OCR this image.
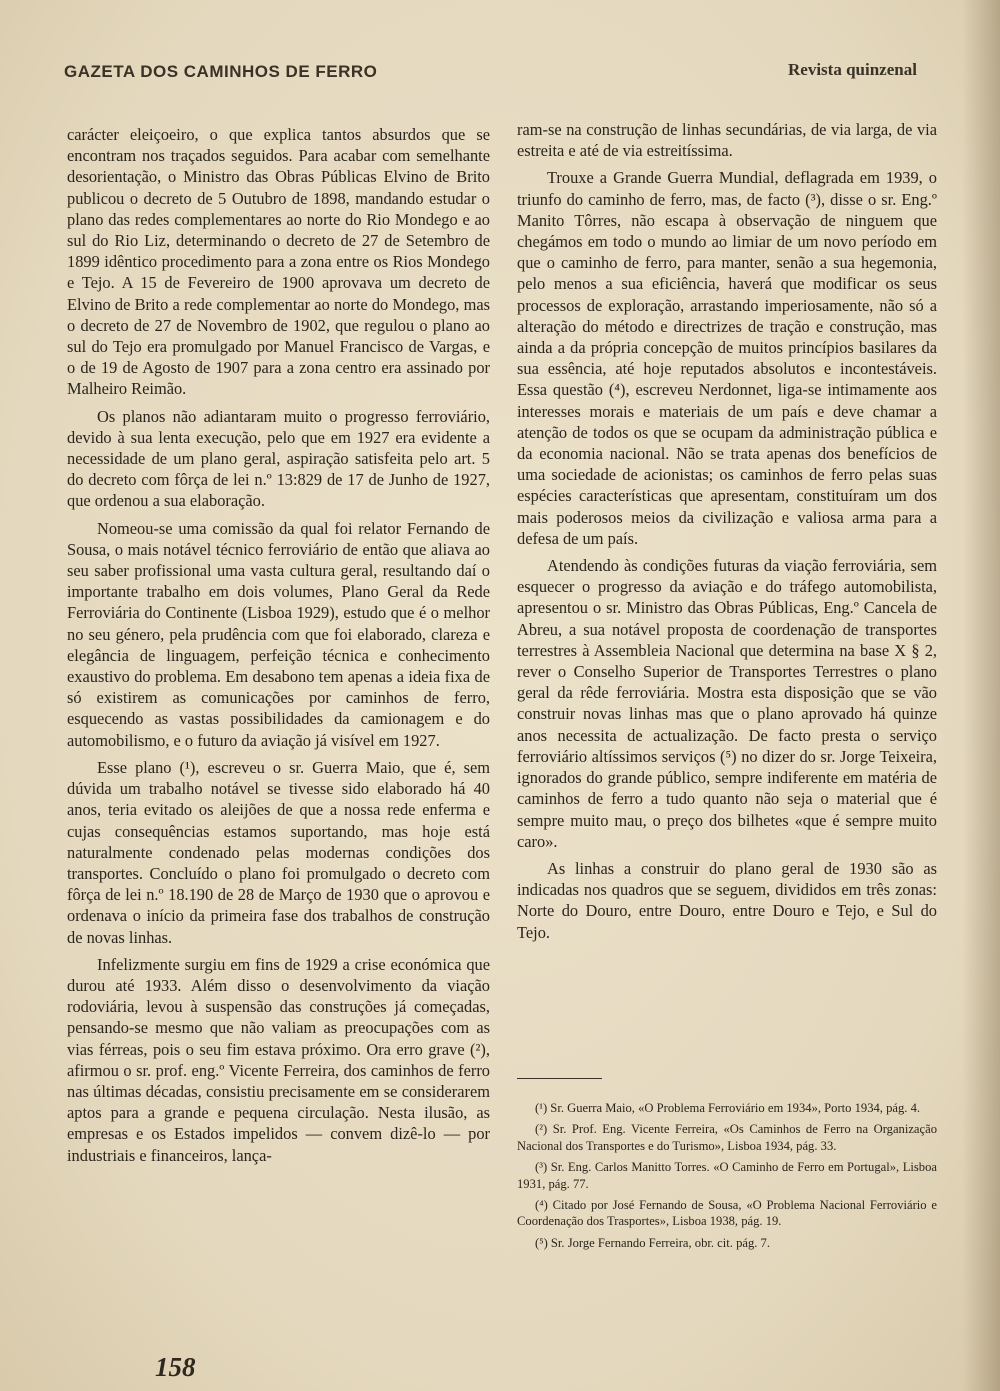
GAZETA DOS CAMINHOS DE FERRO	Revista quinzenal

carácter eleiçoeiro, o que explica tantos absurdos que se encontram nos traçados seguidos. Para acabar com semelhante desorientação, o Ministro das Obras Públicas Elvino de Brito publicou o decreto de 5 Outubro de 1898, mandando estudar o plano das redes complementares ao norte do Rio Mondego e ao sul do Rio Liz, determinando o decreto de 27 de Setembro de 1899 idêntico procedimento para a zona entre os Rios Mondego e Tejo. A 15 de Fevereiro de 1900 aprovava um decreto de Elvino de Brito a rede complementar ao norte do Mondego, mas o decreto de 27 de Novembro de 1902, que regulou o plano ao sul do Tejo era promulgado por Manuel Francisco de Vargas, e o de 19 de Agosto de 1907 para a zona centro era assinado por Malheiro Reimão.

Os planos não adiantaram muito o progresso ferroviário, devido à sua lenta execução, pelo que em 1927 era evidente a necessidade de um plano geral, aspiração satisfeita pelo art. 5 do decreto com fôrça de lei n.º 13:829 de 17 de Junho de 1927, que ordenou a sua elaboração.

Nomeou-se uma comissão da qual foi relator Fernando de Sousa, o mais notável técnico ferroviário de então que aliava ao seu saber profissional uma vasta cultura geral, resultando daí o importante trabalho em dois volumes, Plano Geral da Rede Ferroviária do Continente (Lisboa 1929), estudo que é o melhor no seu género, pela prudência com que foi elaborado, clareza e elegância de linguagem, perfeição técnica e conhecimento exaustivo do problema. Em desabono tem apenas a ideia fixa de só existirem as comunicações por caminhos de ferro, esquecendo as vastas possibilidades da camionagem e do automobilismo, e o futuro da aviação já visível em 1927.

Esse plano (¹), escreveu o sr. Guerra Maio, que é, sem dúvida um trabalho notável se tivesse sido elaborado há 40 anos, teria evitado os aleijões de que a nossa rede enferma e cujas consequências estamos suportando, mas hoje está naturalmente condenado pelas modernas condições dos transportes. Concluído o plano foi promulgado o decreto com fôrça de lei n.º 18.190 de 28 de Março de 1930 que o aprovou e ordenava o início da primeira fase dos trabalhos de construção de novas linhas.

Infelizmente surgiu em fins de 1929 a crise económica que durou até 1933. Além disso o desenvolvimento da viação rodoviária, levou à suspensão das construções já começadas, pensando-se mesmo que não valiam as preocupações com as vias férreas, pois o seu fim estava próximo. Ora erro grave (²), afirmou o sr. prof. eng.º Vicente Ferreira, dos caminhos de ferro nas últimas décadas, consistiu precisamente em se considerarem aptos para a grande e pequena circulação. Nesta ilusão, as empresas e os Estados impelidos — convem dizê-lo — por industriais e financeiros, lança-

ram-se na construção de linhas secundárias, de via larga, de via estreita e até de via estreitíssima.

Trouxe a Grande Guerra Mundial, deflagrada em 1939, o triunfo do caminho de ferro, mas, de facto (³), disse o sr. Eng.º Manito Tôrres, não escapa à observação de ninguem que chegámos em todo o mundo ao limiar de um novo período em que o caminho de ferro, para manter, senão a sua hegemonia, pelo menos a sua eficiência, haverá que modificar os seus processos de exploração, arrastando imperiosamente, não só a alteração do método e directrizes de tração e construção, mas ainda a da própria concepção de muitos princípios basilares da sua essência, até hoje reputados absolutos e incontestáveis. Essa questão (⁴), escreveu Nerdonnet, liga-se intimamente aos interesses morais e materiais de um país e deve chamar a atenção de todos os que se ocupam da administração pública e da economia nacional. Não se trata apenas dos benefícios de uma sociedade de acionistas; os caminhos de ferro pelas suas espécies características que apresentam, constituíram um dos mais poderosos meios da civilização e valiosa arma para a defesa de um país.

Atendendo às condições futuras da viação ferroviária, sem esquecer o progresso da aviação e do tráfego automobilista, apresentou o sr. Ministro das Obras Públicas, Eng.º Cancela de Abreu, a sua notável proposta de coordenação de transportes terrestres à Assembleia Nacional que determina na base X § 2, rever o Conselho Superior de Transportes Terrestres o plano geral da rêde ferroviária. Mostra esta disposição que se vão construir novas linhas mas que o plano aprovado há quinze anos necessita de actualização. De facto presta o serviço ferroviário altíssimos serviços (⁵) no dizer do sr. Jorge Teixeira, ignorados do grande público, sempre indiferente em matéria de caminhos de ferro a tudo quanto não seja o material que é sempre muito mau, o preço dos bilhetes «que é sempre muito caro».

As linhas a construir do plano geral de 1930 são as indicadas nos quadros que se seguem, divididos em três zonas: Norte do Douro, entre Douro, entre Douro e Tejo, e Sul do Tejo.

(¹) Sr. Guerra Maio, «O Problema Ferroviário em 1934», Porto 1934, pág. 4.

(²) Sr. Prof. Eng. Vicente Ferreira, «Os Caminhos de Ferro na Organização Nacional dos Transportes e do Turismo», Lisboa 1934, pág. 33.

(³) Sr. Eng. Carlos Manitto Torres. «O Caminho de Ferro em Portugal», Lisboa 1931, pág. 77.

(⁴) Citado por José Fernando de Sousa, «O Problema Nacional Ferroviário e Coordenação dos Trasportes», Lisboa 1938, pág. 19.

(⁵) Sr. Jorge Fernando Ferreira, obr. cit. pág. 7.

158
